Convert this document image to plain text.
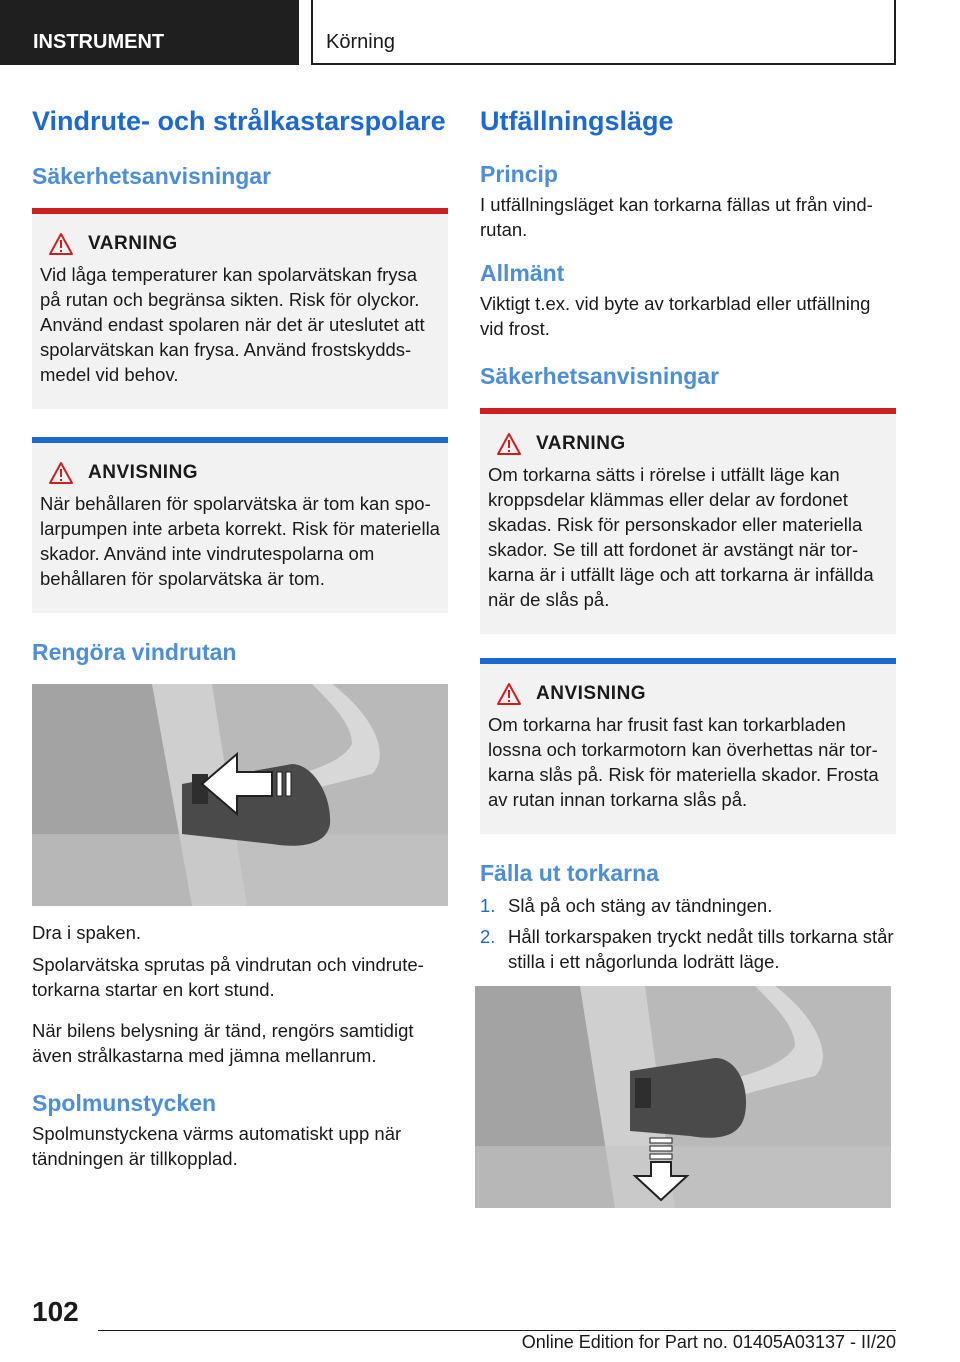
INSTRUMENT	Körning
Vindrute- och strålkastarspolare
Säkerhetsanvisningar
VARNING

Vid låga temperaturer kan spolarvätskan frysa på rutan och begränsa sikten. Risk för olyckor. Använd endast spolaren när det är uteslutet att spolarvätskan kan frysa. Använd frostskyddsmedel vid behov.

ANVISNING

När behållaren för spolarvätska är tom kan spolarpumpen inte arbeta korrekt. Risk för materiella skador. Använd inte vindrutespolarna om behållaren för spolarvätska är tom.

Rengöra vindrutan

Dra i spaken.

Spolarvätska sprutas på vindrutan och vindrutetorkarna startar en kort stund.

När bilens belysning är tänd, rengörs samtidigt även strålkastarna med jämna mellanrum.

Spolmunstycken

Spolmunstyckena värms automatiskt upp när tändningen är tillkopplad.

Utfällningsläge
Princip

I utfällningsläget kan torkarna fällas ut från vindrutan.

Allmänt

Viktigt t.ex. vid byte av torkarblad eller utfällning vid frost.

Säkerhetsanvisningar
VARNING

Om torkarna sätts i rörelse i utfällt läge kan kroppsdelar klämmas eller delar av fordonet skadas. Risk för personskador eller materiella skador. Se till att fordonet är avstängt när torkarna är i utfällt läge och att torkarna är infällda när de slås på.

ANVISNING

Om torkarna har frusit fast kan torkarbladen lossna och torkarmotorn kan överhettas när torkarna slås på. Risk för materiella skador. Frosta av rutan innan torkarna slås på.

Fälla ut torkarna
1. Slå på och stäng av tändningen.
2. Håll torkarspaken tryckt nedåt tills torkarna står stilla i ett någorlunda lodrätt läge.
102
Online Edition for Part no. 01405A03137 - II/20
